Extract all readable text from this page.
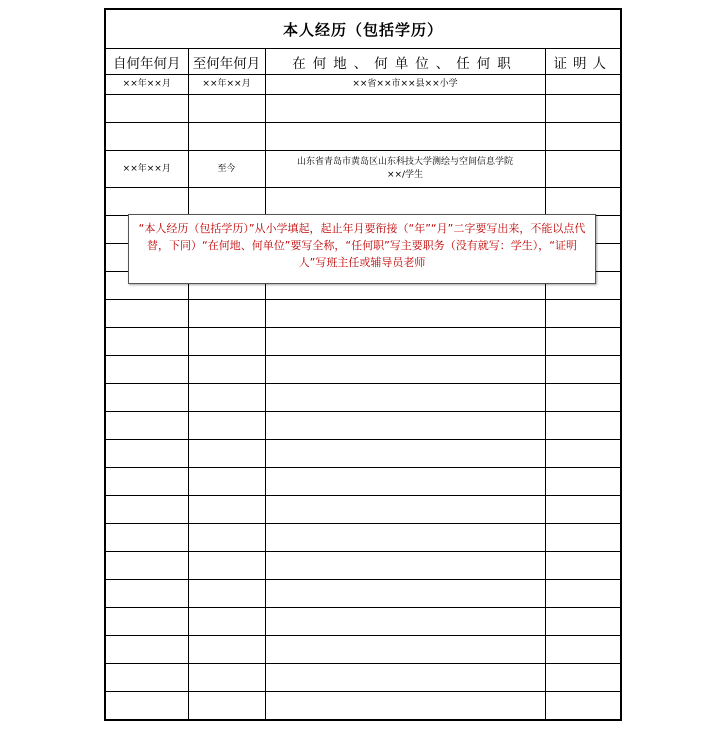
本人经历（包括学历）			
自何年何月	至何年何月	在何地、何单位、任何职	证明人
××年××月	××年××月	××省××市××县××小学	

××年××月	至今	山东省青岛市黄岛区山东科技大学测绘与空间信息学院
××/学生	

“本人经历（包括学历）”从小学填起，起止年月要衔接（“年”“月”二字要写出来，不能以点代替，下同）“在何地、何单位”要写全称，“任何职”写主要职务（没有就写：学生），“证明人”写班主任或辅导员老师
